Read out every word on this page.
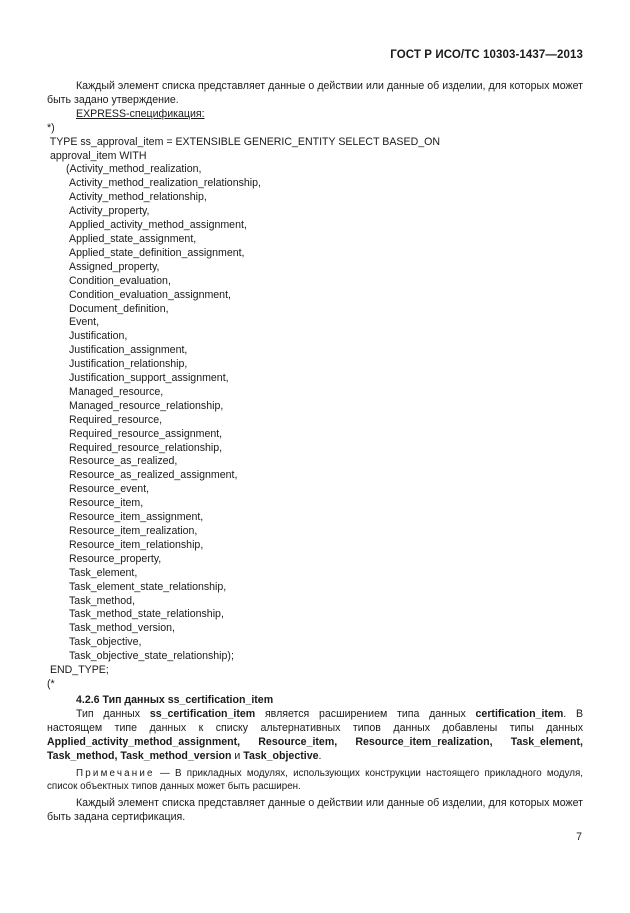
ГОСТ Р ИСО/ТС 10303-1437—2013

Каждый элемент списка представляет данные о действии или данные об изделии, для которых может быть задано утверждение.

EXPRESS-спецификация:

*)
TYPE ss_approval_item = EXTENSIBLE GENERIC_ENTITY SELECT BASED_ON
approval_item WITH
(Activity_method_realization,
Activity_method_realization_relationship,
Activity_method_relationship,
Activity_property,
Applied_activity_method_assignment,
Applied_state_assignment,
Applied_state_definition_assignment,
Assigned_property,
Condition_evaluation,
Condition_evaluation_assignment,
Document_definition,
Event,
Justification,
Justification_assignment,
Justification_relationship,
Justification_support_assignment,
Managed_resource,
Managed_resource_relationship,
Required_resource,
Required_resource_assignment,
Required_resource_relationship,
Resource_as_realized,
Resource_as_realized_assignment,
Resource_event,
Resource_item,
Resource_item_assignment,
Resource_item_realization,
Resource_item_relationship,
Resource_property,
Task_element,
Task_element_state_relationship,
Task_method,
Task_method_state_relationship,
Task_method_version,
Task_objective,
Task_objective_state_relationship);
END_TYPE;
(*

4.2.6 Тип данных ss_certification_item

Тип данных ss_certification_item является расширением типа данных certification_item. В настоящем типе данных к списку альтернативных типов данных добавлены типы данных Applied_activity_method_assignment, Resource_item, Resource_item_realization, Task_element, Task_method, Task_method_version и Task_objective.

Примечание — В прикладных модулях, использующих конструкции настоящего прикладного модуля, список объектных типов данных может быть расширен.

Каждый элемент списка представляет данные о действии или данные об изделии, для которых может быть задана сертификация.

7
